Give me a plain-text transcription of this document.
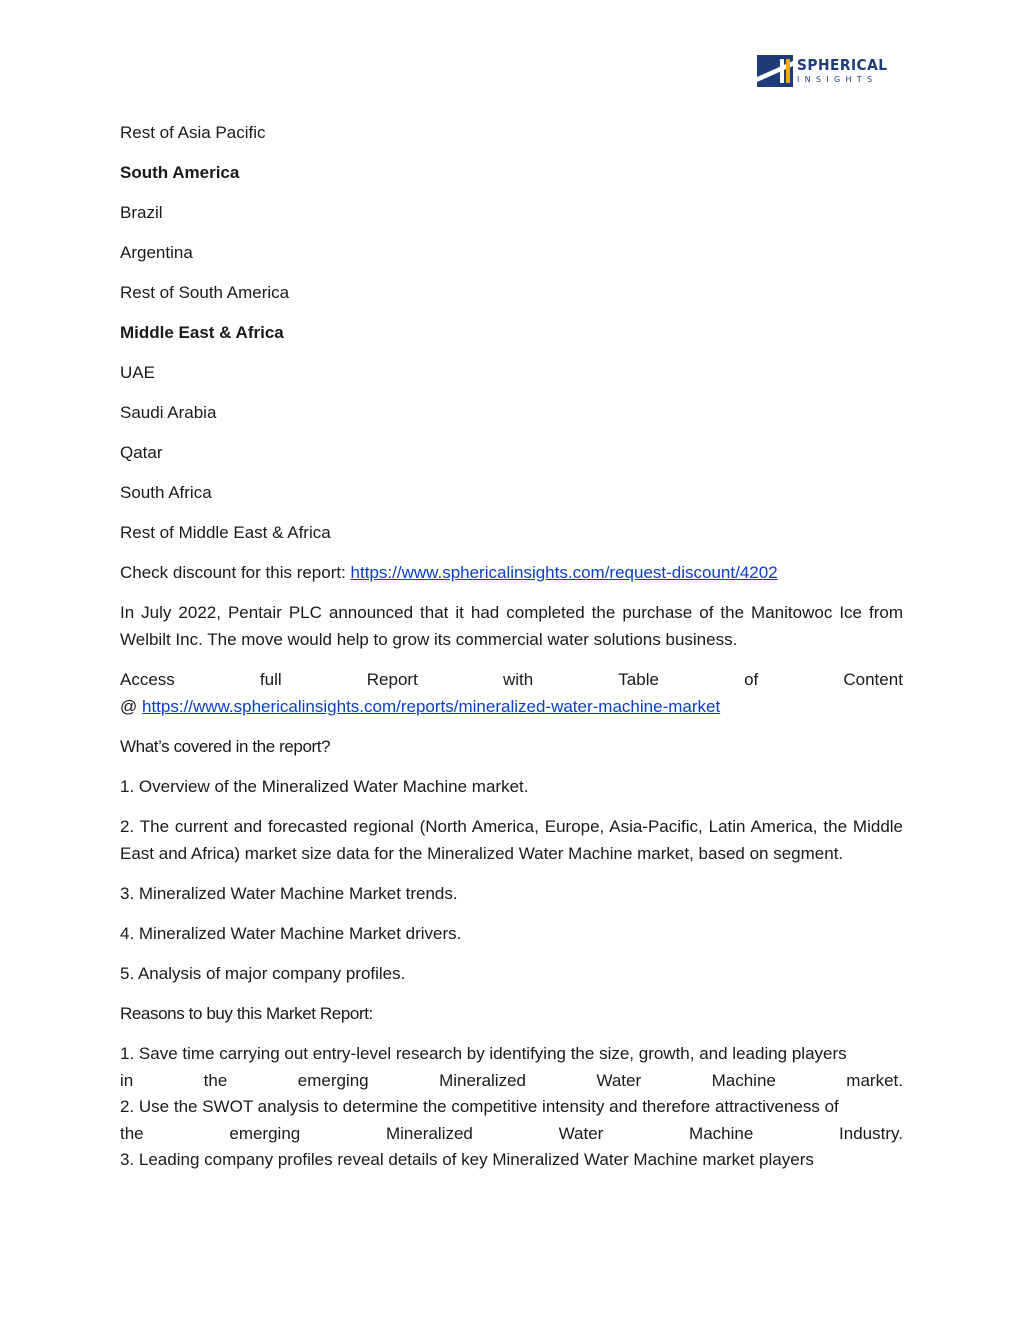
SPHERICAL
INSIGHTS

Rest of Asia Pacific

South America

Brazil

Argentina

Rest of South America

Middle East & Africa

UAE

Saudi Arabia

Qatar

South Africa

Rest of Middle East & Africa

Check discount for this report: https://www.sphericalinsights.com/request-discount/4202

In July 2022, Pentair PLC announced that it had completed the purchase of the Manitowoc Ice from Welbilt Inc. The move would help to grow its commercial water solutions business.

Access	full	Report	with	Table	of	Content
@ https://www.sphericalinsights.com/reports/mineralized-water-machine-market

What’s covered in the report?

1. Overview of the Mineralized Water Machine market.

2. The current and forecasted regional (North America, Europe, Asia-Pacific, Latin America, the Middle East and Africa) market size data for the Mineralized Water Machine market, based on segment.

3. Mineralized Water Machine Market trends.

4. Mineralized Water Machine Market drivers.

5. Analysis of major company profiles.

Reasons to buy this Market Report:

1. Save time carrying out entry-level research by identifying the size, growth, and leading players
in	the	emerging	Mineralized	Water	Machine	market.
2. Use the SWOT analysis to determine the competitive intensity and therefore attractiveness of
the	emerging	Mineralized	Water	Machine	Industry.
3. Leading company profiles reveal details of key Mineralized Water Machine market players
